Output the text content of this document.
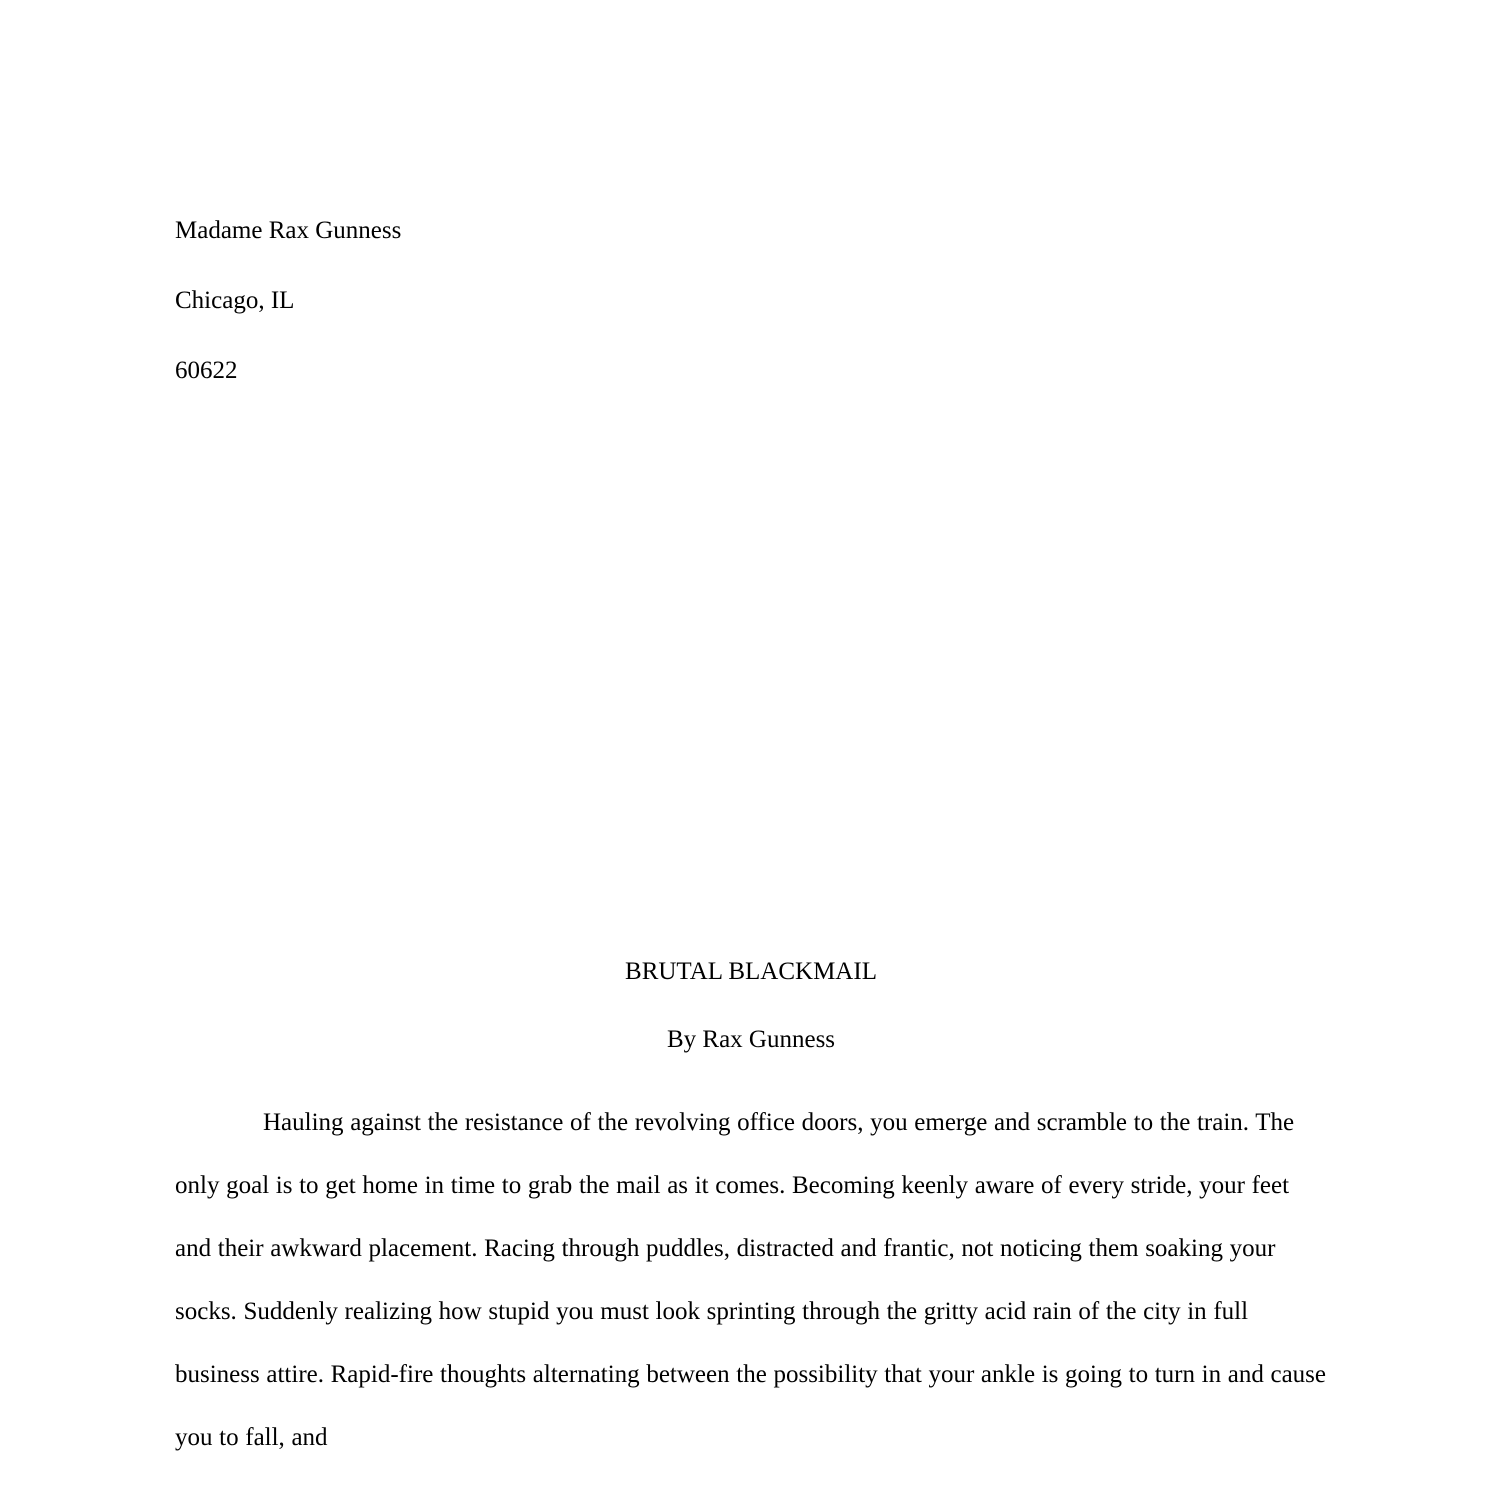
Madame Rax Gunness

Chicago, IL

60622

BRUTAL BLACKMAIL
By Rax Gunness

Hauling against the resistance of the revolving office doors, you emerge and scramble to the train. The only goal is to get home in time to grab the mail as it comes. Becoming keenly aware of every stride, your feet and their awkward placement. Racing through puddles, distracted and frantic, not noticing them soaking your socks. Suddenly realizing how stupid you must look sprinting through the gritty acid rain of the city in full business attire. Rapid-fire thoughts alternating between the possibility that your ankle is going to turn in and cause you to fall, and
